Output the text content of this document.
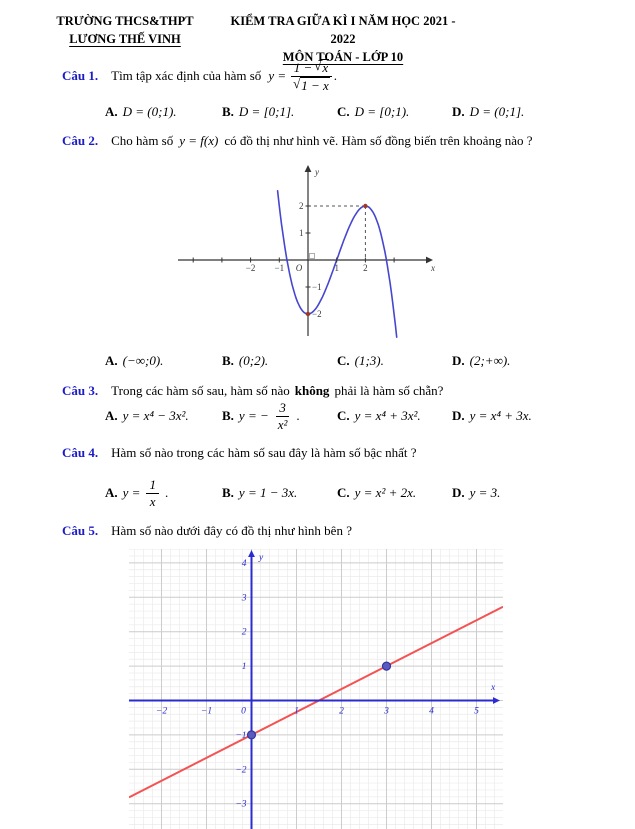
TRƯỜNG THCS&THPT
LƯƠNG THẾ VINH
KIỂM TRA GIỮA KÌ I NĂM HỌC 2021 - 2022
MÔN TOÁN - LỚP 10
Câu 1. Tìm tập xác định của hàm số y = 1 − √ x
√ 1 − x .
A. D = (0;1).	B. D = [0;1].	C. D = [0;1).	D. D = (0;1].
Câu 2. Cho hàm số y = f(x) có đồ thị như hình vẽ. Hàm số đồng biến trên khoảng nào ?
−2 −1	1	2
−2
−1
1
2
O	x
y
A. (−∞;0).	B. (0;2).	C. (1;3).	D. (2;+∞).
Câu 3. Trong các hàm số sau, hàm số nào không phải là hàm số chẵn?
A. y = x⁴ − 3x².	B. y = − $\frac{3}{\text{x²}}$ .	C. y = x⁴ + 3x². D. y = x⁴ + 3x.
Câu 4. Hàm số nào trong các hàm số sau đây là hàm số bậc nhất ?
A. $y = \frac{1}{x}$ .	B. y = 1 − 3x.	C. y = x² + 2x.	D. y = 3.
Câu 5. Hàm số nào dưới đây có đồ thị như hình bên ?
−2	−1	0	1	2	3	4	5
−3
−2
−1
1
2
3
4
x
y
